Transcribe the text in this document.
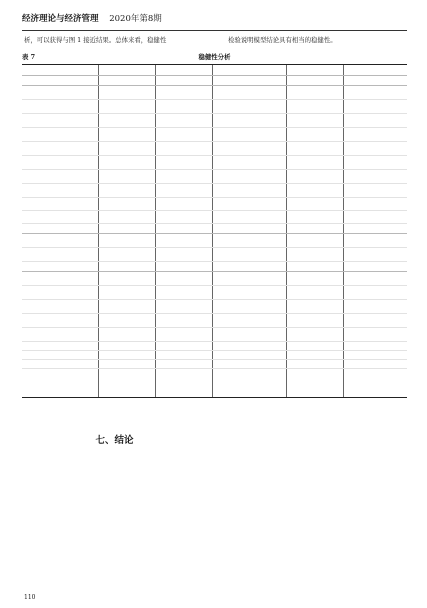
经济理论与经济管理 2020年第8期
析，可以获得与图 1 接近结果。总体来看，稳健性	检验说明模型结论具有相当的稳健性。
表 7	稳健性分析
七、结论
110
